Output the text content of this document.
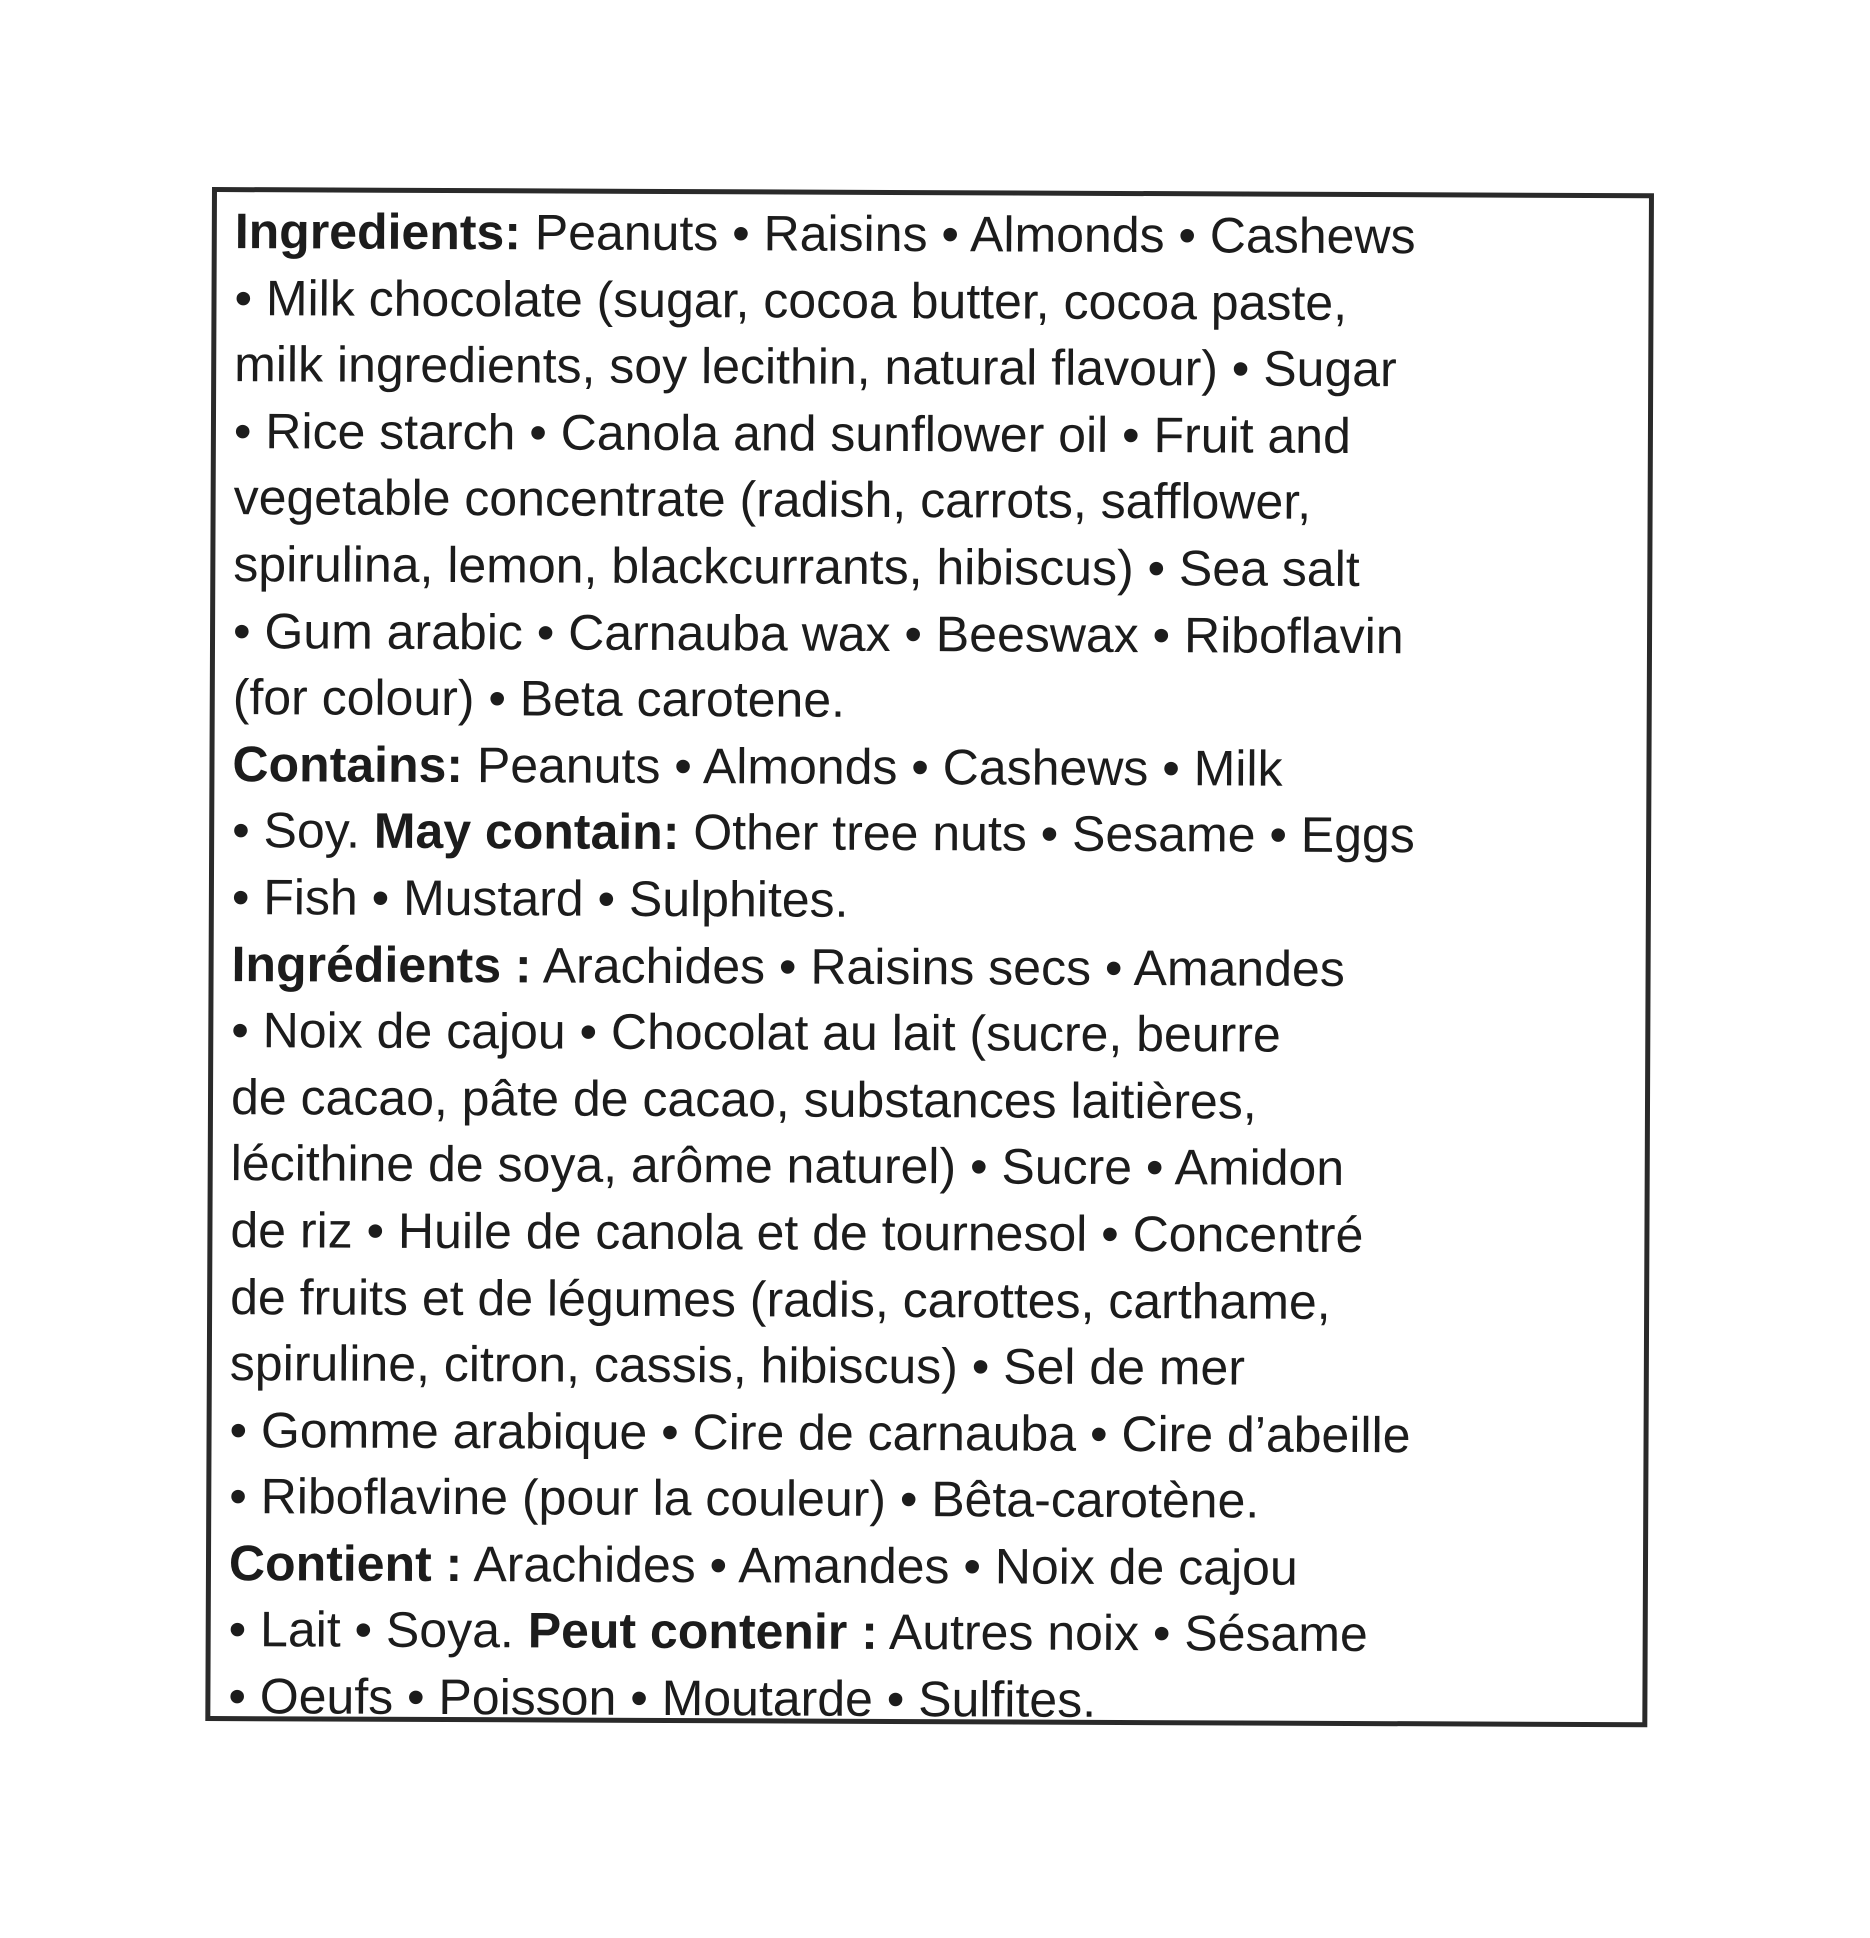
Ingredients: Peanuts • Raisins • Almonds • Cashews
• Milk chocolate (sugar, cocoa butter, cocoa paste,
milk ingredients, soy lecithin, natural flavour) • Sugar
• Rice starch • Canola and sunflower oil • Fruit and
vegetable concentrate (radish, carrots, safflower,
spirulina, lemon, blackcurrants, hibiscus) • Sea salt
• Gum arabic • Carnauba wax • Beeswax • Riboflavin
(for colour) • Beta carotene.
Contains: Peanuts • Almonds • Cashews • Milk
• Soy. May contain: Other tree nuts • Sesame • Eggs
• Fish • Mustard • Sulphites.
Ingrédients : Arachides • Raisins secs • Amandes
• Noix de cajou • Chocolat au lait (sucre, beurre
de cacao, pâte de cacao, substances laitières,
lécithine de soya, arôme naturel) • Sucre • Amidon
de riz • Huile de canola et de tournesol • Concentré
de fruits et de légumes (radis, carottes, carthame,
spiruline, citron, cassis, hibiscus) • Sel de mer
• Gomme arabique • Cire de carnauba • Cire d’abeille
• Riboflavine (pour la couleur) • Bêta-carotène.
Contient : Arachides • Amandes • Noix de cajou
• Lait • Soya. Peut contenir : Autres noix • Sésame
• Oeufs • Poisson • Moutarde • Sulfites.
